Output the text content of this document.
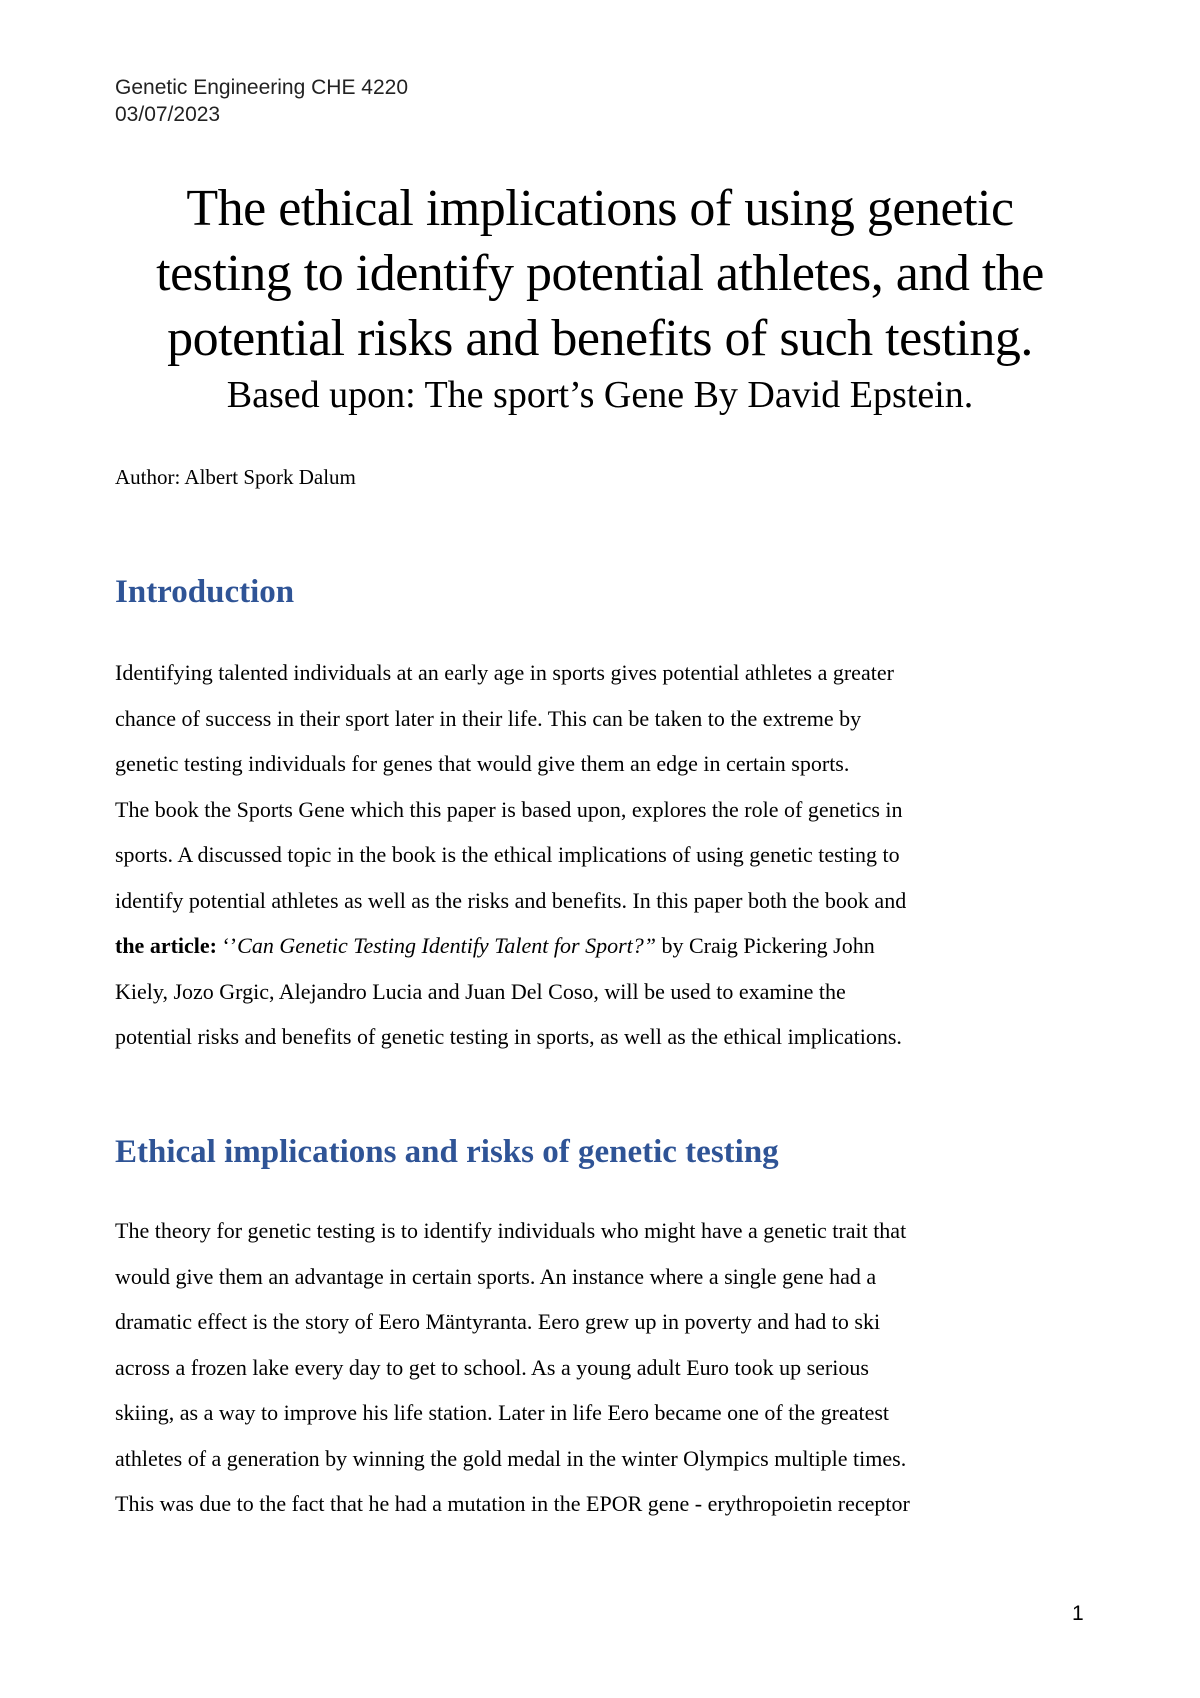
Genetic Engineering CHE 4220
03/07/2023
The ethical implications of using genetic
testing to identify potential athletes, and the
potential risks and benefits of such testing.

Based upon: The sport’s Gene By David Epstein.

Author: Albert Spork Dalum
Introduction

Identifying talented individuals at an early age in sports gives potential athletes a greater
chance of success in their sport later in their life. This can be taken to the extreme by
genetic testing individuals for genes that would give them an edge in certain sports.
The book the Sports Gene which this paper is based upon, explores the role of genetics in
sports. A discussed topic in the book is the ethical implications of using genetic testing to
identify potential athletes as well as the risks and benefits. In this paper both the book and
the article: ‘’Can Genetic Testing Identify Talent for Sport?” by Craig Pickering John
Kiely, Jozo Grgic, Alejandro Lucia and Juan Del Coso, will be used to examine the
potential risks and benefits of genetic testing in sports, as well as the ethical implications.

Ethical implications and risks of genetic testing

The theory for genetic testing is to identify individuals who might have a genetic trait that
would give them an advantage in certain sports. An instance where a single gene had a
dramatic effect is the story of Eero Mäntyranta. Eero grew up in poverty and had to ski
across a frozen lake every day to get to school. As a young adult Euro took up serious
skiing, as a way to improve his life station. Later in life Eero became one of the greatest
athletes of a generation by winning the gold medal in the winter Olympics multiple times.
This was due to the fact that he had a mutation in the EPOR gene - erythropoietin receptor

1
